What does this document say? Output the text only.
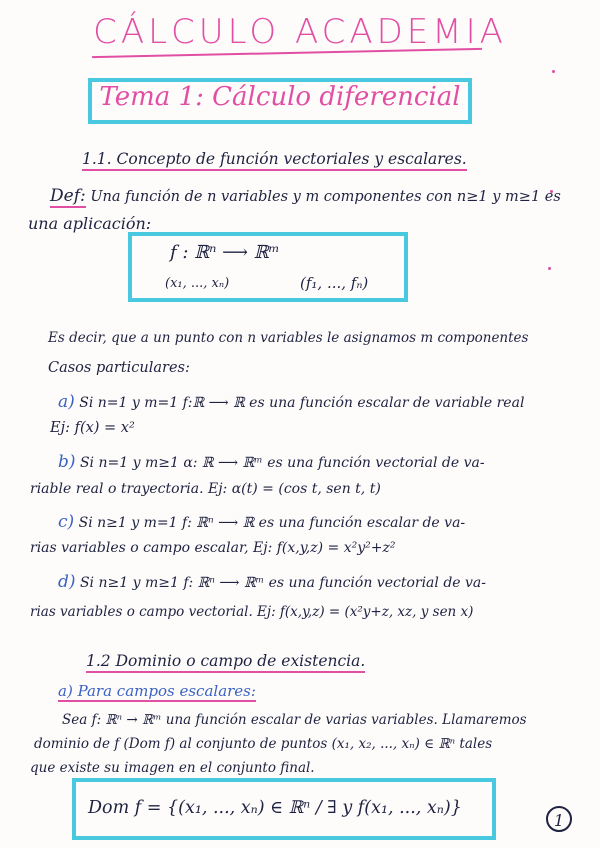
CÁLCULO ACADEMIA
Tema 1: Cálculo diferencial
1.1. Concepto de función vectoriales y escalares.
Def: Una función de n variables y m componentes con n≥1 y m≥1 es
una aplicación:
f : ℝⁿ ⟶ ℝᵐ
(x₁, ..., xₙ)	(f₁, ..., fₙ)
Es decir, que a un punto con n variables le asignamos m componentes
Casos particulares:
a) Si n=1 y m=1 f:ℝ ⟶ ℝ es una función escalar de variable real
Ej: f(x) = x²
b) Si n=1 y m≥1 α: ℝ ⟶ ℝᵐ es una función vectorial de va-
riable real o trayectoria. Ej: α(t) = (cos t, sen t, t)
c) Si n≥1 y m=1 f: ℝⁿ ⟶ ℝ es una función escalar de va-
rias variables o campo escalar, Ej: f(x,y,z) = x²y²+z²
d) Si n≥1 y m≥1 f: ℝⁿ ⟶ ℝᵐ es una función vectorial de va-
rias variables o campo vectorial. Ej: f(x,y,z) = (x²y+z, xz, y sen x)
1.2 Dominio o campo de existencia.
a) Para campos escalares:
Sea f: ℝⁿ → ℝᵐ una función escalar de varias variables. Llamaremos
dominio de f (Dom f) al conjunto de puntos (x₁, x₂, ..., xₙ) ∈ ℝⁿ tales
que existe su imagen en el conjunto final.
Dom f = {(x₁, ..., xₙ) ∈ ℝⁿ / ∃ y f(x₁, ..., xₙ)}
1
